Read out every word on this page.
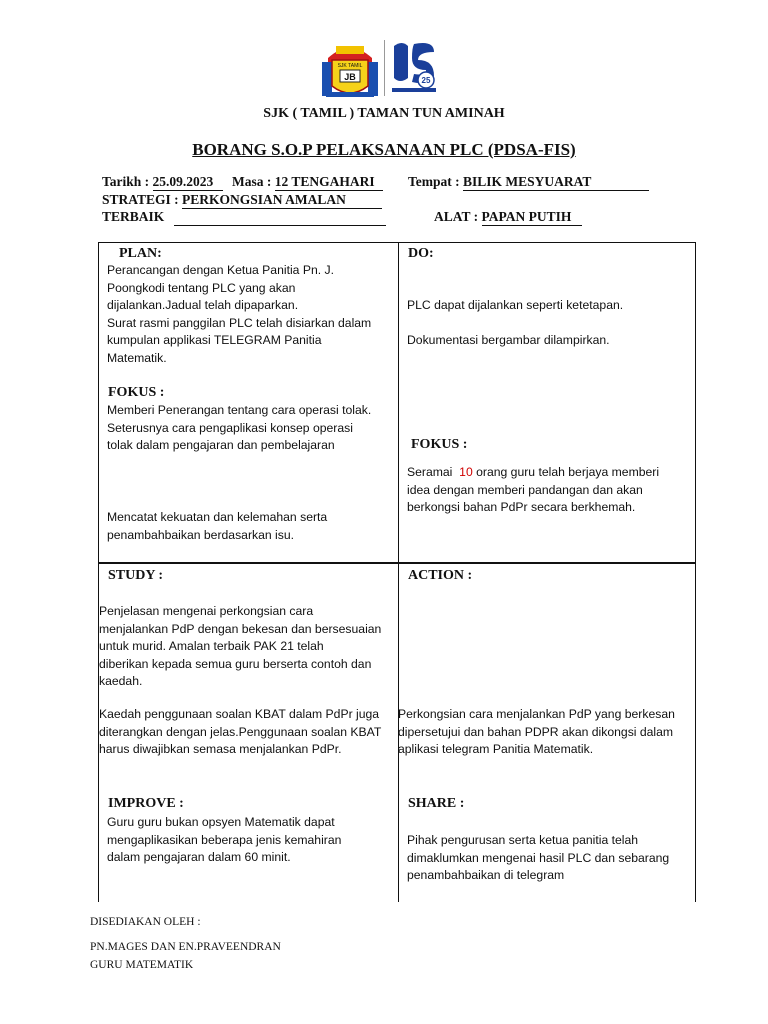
JB
SJK TAMIL
25
SJK ( TAMIL ) TAMAN TUN AMINAH
BORANG S.O.P PELAKSANAAN PLC (PDSA-FIS)
Tarikh : 25.09.2023	Masa : 12 TENGAHARI	Tempat : BILIK MESYUARAT
STRATEGI : PERKONGSIAN AMALAN
TERBAIK	ALAT : PAPAN PUTIH
PLAN:
Perancangan dengan Ketua Panitia Pn. J.
Poongkodi tentang PLC yang akan
dijalankan.Jadual telah dipaparkan.
Surat rasmi panggilan PLC telah disiarkan dalam
kumpulan applikasi TELEGRAM Panitia
Matematik.
FOKUS :
Memberi Penerangan tentang cara operasi tolak.
Seterusnya cara pengaplikasi konsep operasi
tolak dalam pengajaran dan pembelajaran
Mencatat kekuatan dan kelemahan serta
penambahbaikan berdasarkan isu.
DO:
PLC dapat dijalankan seperti ketetapan.
Dokumentasi bergambar dilampirkan.
FOKUS :
Seramai 10 orang guru telah berjaya memberi
idea dengan memberi pandangan dan akan
berkongsi bahan PdPr secara berkhemah.
STUDY :
Penjelasan mengenai perkongsian cara
menjalankan PdP dengan bekesan dan bersesuaian
untuk murid. Amalan terbaik PAK 21 telah
diberikan kepada semua guru berserta contoh dan
kaedah.
Kaedah penggunaan soalan KBAT dalam PdPr juga
diterangkan dengan jelas.Penggunaan soalan KBAT
harus diwajibkan semasa menjalankan PdPr.
ACTION :
Perkongsian cara menjalankan PdP yang berkesan
dipersetujui dan bahan PDPR akan dikongsi dalam
aplikasi telegram Panitia Matematik.
IMPROVE :
Guru guru bukan opsyen Matematik dapat
mengaplikasikan beberapa jenis kemahiran
dalam pengajaran dalam 60 minit.
SHARE :
Pihak pengurusan serta ketua panitia telah
dimaklumkan mengenai hasil PLC dan sebarang
penambahbaikan di telegram
DISEDIAKAN OLEH :
PN.MAGES DAN EN.PRAVEENDRAN
GURU MATEMATIK
